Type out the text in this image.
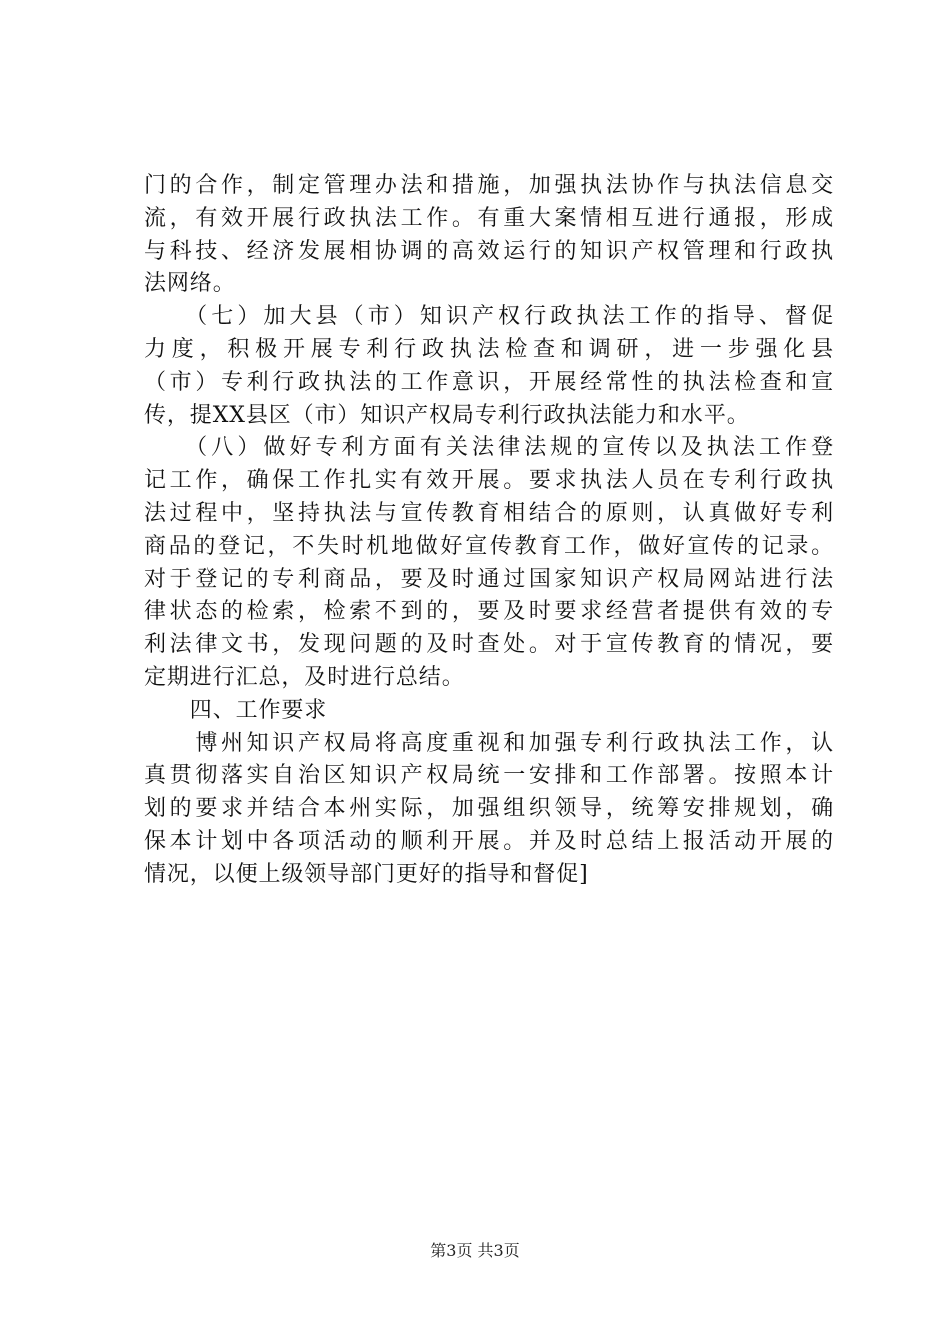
门的合作，制定管理办法和措施，加强执法协作与执法信息交
流，有效开展行政执法工作。有重大案情相互进行通报，形成
与科技、经济发展相协调的高效运行的知识产权管理和行政执
法网络。
　　（七）加大县（市）知识产权行政执法工作的指导、督促
力度，积极开展专利行政执法检查和调研，进一步强化县
（市）专利行政执法的工作意识，开展经常性的执法检查和宣
传，提XX县区（市）知识产权局专利行政执法能力和水平。
　　（八）做好专利方面有关法律法规的宣传以及执法工作登
记工作，确保工作扎实有效开展。要求执法人员在专利行政执
法过程中，坚持执法与宣传教育相结合的原则，认真做好专利
商品的登记，不失时机地做好宣传教育工作，做好宣传的记录。
对于登记的专利商品，要及时通过国家知识产权局网站进行法
律状态的检索，检索不到的，要及时要求经营者提供有效的专
利法律文书，发现问题的及时查处。对于宣传教育的情况，要
定期进行汇总，及时进行总结。
　　四、工作要求
　　博州知识产权局将高度重视和加强专利行政执法工作，认
真贯彻落实自治区知识产权局统一安排和工作部署。按照本计
划的要求并结合本州实际，加强组织领导，统筹安排规划，确
保本计划中各项活动的顺利开展。并及时总结上报活动开展的
情况，以便上级领导部门更好的指导和督促]
第3页 共3页
